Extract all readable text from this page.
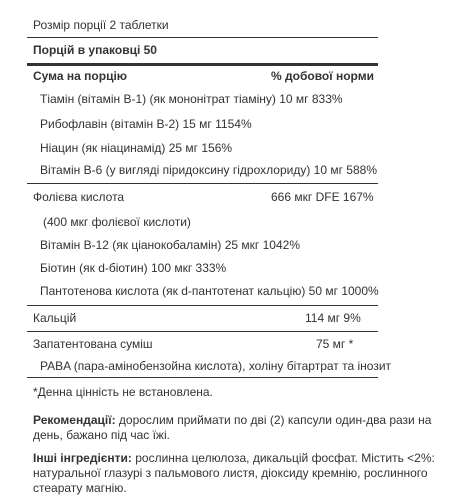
Розмір порції 2 таблетки
Порцій в упаковці 50
Сума на порцію	% добової норми
Тіамін (вітамін B-1) (як мононітрат тіаміну) 10 мг 833%
Рибофлавін (вітамін B-2) 15 мг 1154%
Ніацин (як ніацинамід) 25 мг 156%
Вітамін B-6 (у вигляді піридоксину гідрохлориду) 10 мг 588%
Фолієва кислота	666 мкг DFE 167%
(400 мкг фолієвої кислоти)
Вітамін B-12 (як ціанокобаламін) 25 мкг 1042%
Біотин (як d-біотин) 100 мкг 333%
Пантотенова кислота (як d-пантотенат кальцію) 50 мг 1000%
Кальцій	114 мг 9%
Запатентована суміш	75 мг *
PABA (пара-амінобензойна кислота), холіну бітартрат та інозит
*Денна цінність не встановлена.
Рекомендації: дорослим приймати по дві (2) капсули один-два рази на день, бажано під час їжі.
Інші інгредієнти: рослинна целюлоза, дикальцій фосфат. Містить <2%: натуральної глазурі з пальмового листя, діоксиду кремнію, рослинного стеарату магнію.
